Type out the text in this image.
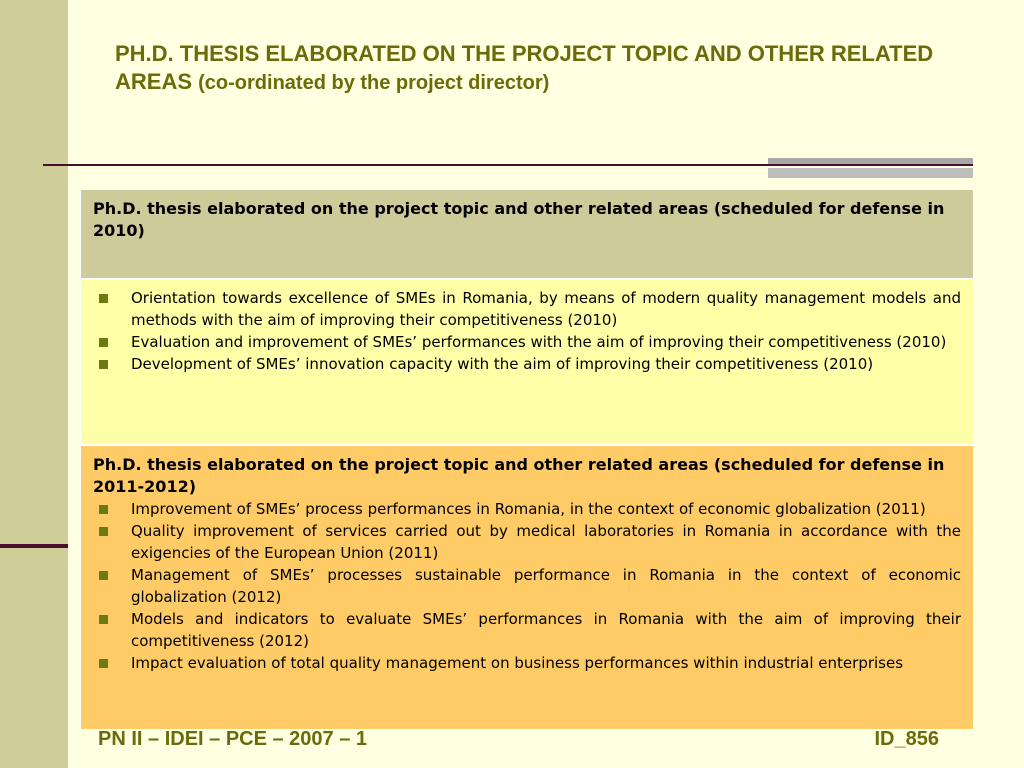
PH.D. THESIS ELABORATED ON THE PROJECT TOPIC AND OTHER RELATED AREAS (co-ordinated by the project director)
Ph.D. thesis elaborated on the project topic and other related areas (scheduled for defense in 2010)
Orientation towards excellence of SMEs in Romania, by means of modern quality management models and methods with the aim of improving their competitiveness (2010)
Evaluation and improvement of SMEs’ performances with the aim of improving their competitiveness (2010)
Development of SMEs’ innovation capacity with the aim of improving their competitiveness (2010)
Ph.D. thesis elaborated on the project topic and other related areas (scheduled for defense in 2011-2012)
Improvement of SMEs’ process performances in Romania, in the context of economic globalization (2011)
Quality improvement of services carried out by medical laboratories in Romania in accordance with the exigencies of the European Union (2011)
Management of SMEs’ processes sustainable performance in Romania in the context of economic globalization (2012)
Models and indicators to evaluate SMEs’ performances in Romania with the aim of improving their competitiveness (2012)
Impact evaluation of total quality management on business performances within industrial enterprises
PN II – IDEI – PCE – 2007 – 1	ID_856
